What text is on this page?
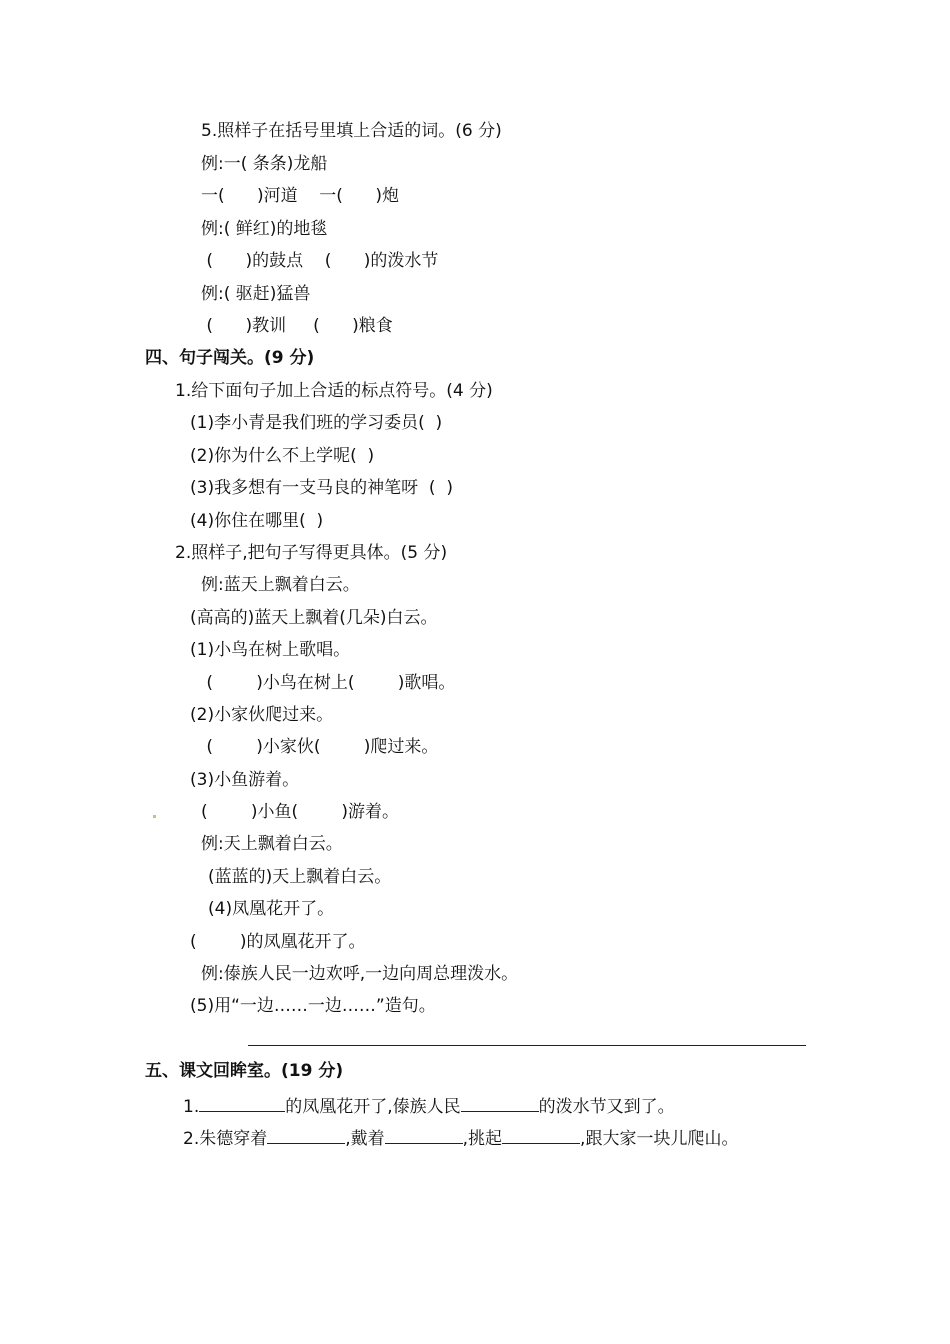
5.照样子在括号里填上合适的词。(6 分)
例:一( 条条)龙船
一(      )河道    一(      )炮
例:( 鲜红)的地毯
(      )的鼓点    (      )的泼水节
例:( 驱赶)猛兽
(      )教训     (      )粮食
四、句子闯关。(9 分)
1.给下面句子加上合适的标点符号。(4 分)
(1)李小青是我们班的学习委员(  )
(2)你为什么不上学呢(  )
(3)我多想有一支马良的神笔呀  (  )
(4)你住在哪里(  )
2.照样子,把句子写得更具体。(5 分)
例:蓝天上飘着白云。
(高高的)蓝天上飘着(几朵)白云。
(1)小鸟在树上歌唱。
(        )小鸟在树上(        )歌唱。
(2)小家伙爬过来。
(        )小家伙(        )爬过来。
(3)小鱼游着。
(        )小鱼(        )游着。
例:天上飘着白云。
(蓝蓝的)天上飘着白云。
(4)凤凰花开了。
(        )的凤凰花开了。
例:傣族人民一边欢呼,一边向周总理泼水。
(5)用“一边……一边……”造句。
五、课文回眸室。(19 分)
1.	的凤凰花开了,傣族人民	的泼水节又到了。
2.朱德穿着	,戴着	,挑起	,跟大家一块儿爬山。
